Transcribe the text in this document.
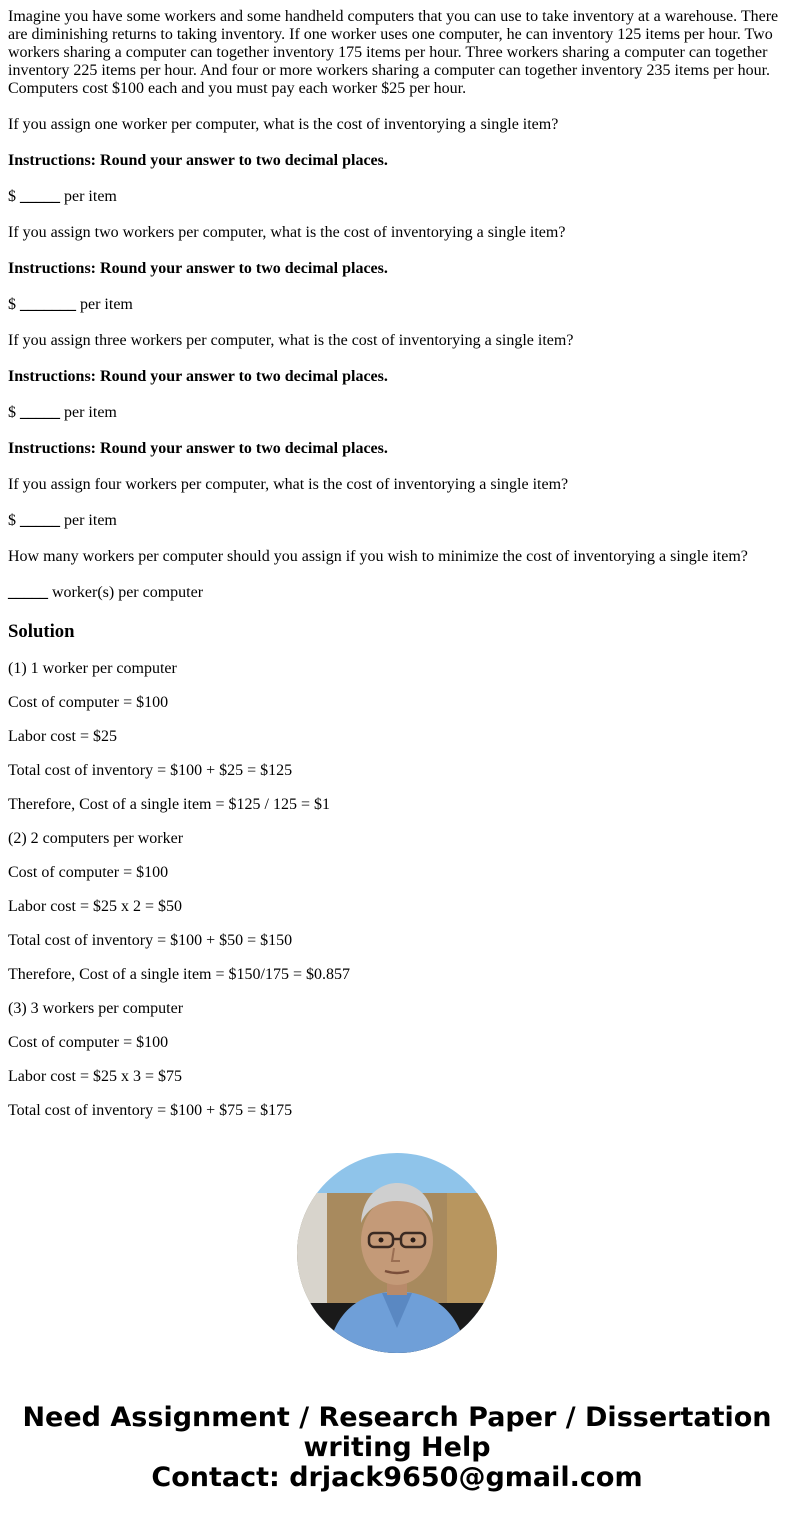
Imagine you have some workers and some handheld computers that you can use to take inventory at a warehouse. There are diminishing returns to taking inventory. If one worker uses one computer, he can inventory 125 items per hour. Two workers sharing a computer can together inventory 175 items per hour. Three workers sharing a computer can together inventory 225 items per hour. And four or more workers sharing a computer can together inventory 235 items per hour. Computers cost $100 each and you must pay each worker $25 per hour.

If you assign one worker per computer, what is the cost of inventorying a single item?

Instructions: Round your answer to two decimal places.

$ _____ per item

If you assign two workers per computer, what is the cost of inventorying a single item?

Instructions: Round your answer to two decimal places.

$ _______ per item

If you assign three workers per computer, what is the cost of inventorying a single item?

Instructions: Round your answer to two decimal places.

$ _____ per item

Instructions: Round your answer to two decimal places.

If you assign four workers per computer, what is the cost of inventorying a single item?

$ _____ per item

How many workers per computer should you assign if you wish to minimize the cost of inventorying a single item?

_____ worker(s) per computer

Solution

(1) 1 worker per computer

Cost of computer = $100

Labor cost = $25

Total cost of inventory = $100 + $25 = $125

Therefore, Cost of a single item = $125 / 125 = $1

(2) 2 computers per worker

Cost of computer = $100

Labor cost = $25 x 2 = $50

Total cost of inventory = $100 + $50 = $150

Therefore, Cost of a single item = $150/175 = $0.857

(3) 3 workers per computer

Cost of computer = $100

Labor cost = $25 x 3 = $75

Total cost of inventory = $100 + $75 = $175

Need Assignment / Research Paper / Dissertation
writing Help
Contact: drjack9650@gmail.com
